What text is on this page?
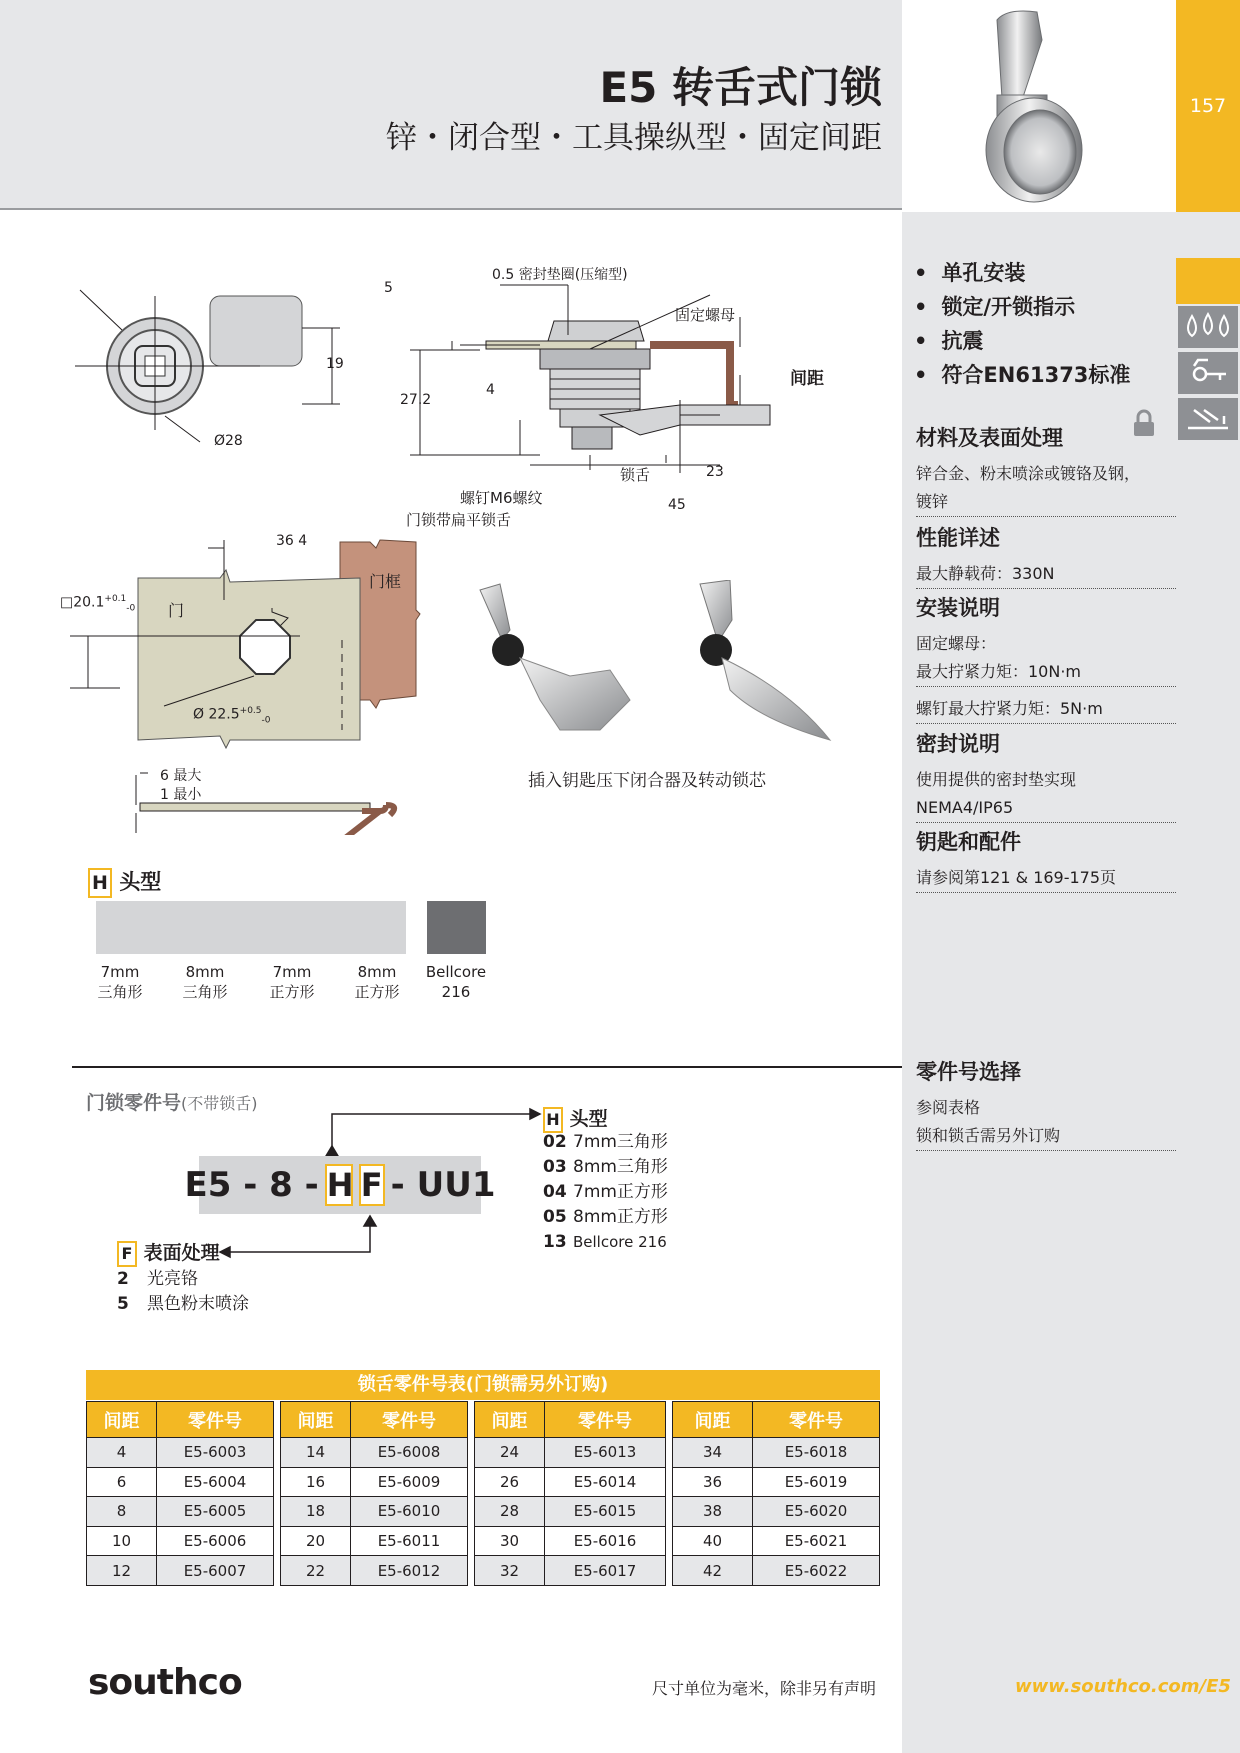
E5 转舌式门锁
锌・闭合型・工具操纵型・固定间距
157
• 单孔安装
• 锁定/开锁指示
• 抗震
• 符合EN61373标准
材料及表面处理
锌合金、粉末喷涂或镀铬及钢，
镀锌
性能详述
最大静载荷：330N
安装说明
固定螺母：
最大拧紧力矩：10N·m
螺钉最大拧紧力矩：5N·m
密封说明
使用提供的密封垫实现
NEMA4/IP65
钥匙和配件
请参阅第121 & 169-175页
零件号选择
参阅表格
锁和锁舌需另外订购
19
Ø28
0.5 密封垫圈(压缩型)
5
固定螺母
间距
27.2
4
锁舌	23
45
螺钉M6螺纹
门锁带扁平锁舌
36 4
门框
门
$□20.1^{+0.1}_{-0}$
Ø $22.5^{+0.5}_{-0}$
6 最大
1 最小
插入钥匙压下闭合器及转动锁芯
H 头型
7mm
三角形
8mm
三角形
7mm
正方形
8mm
正方形
Bellcore
216
门锁零件号(不带锁舌)
E5 - 8 - H F - UU1
H 头型
02 7mm三角形
03 8mm三角形
04 7mm正方形
05 8mm正方形
13 Bellcore 216
F 表面处理
2 光亮铬
5 黑色粉末喷涂
锁舌零件号表(门锁需另外订购)
间距	零件号
4	E5-6003
6	E5-6004
8	E5-6005
10	E5-6006
12	E5-6007
间距	零件号
14	E5-6008
16	E5-6009
18	E5-6010
20	E5-6011
22	E5-6012
间距	零件号
24	E5-6013
26	E5-6014
28	E5-6015
30	E5-6016
32	E5-6017
间距	零件号
34	E5-6018
36	E5-6019
38	E5-6020
40	E5-6021
42	E5-6022
southco	尺寸单位为毫米，除非另有声明	www.southco.com/E5
